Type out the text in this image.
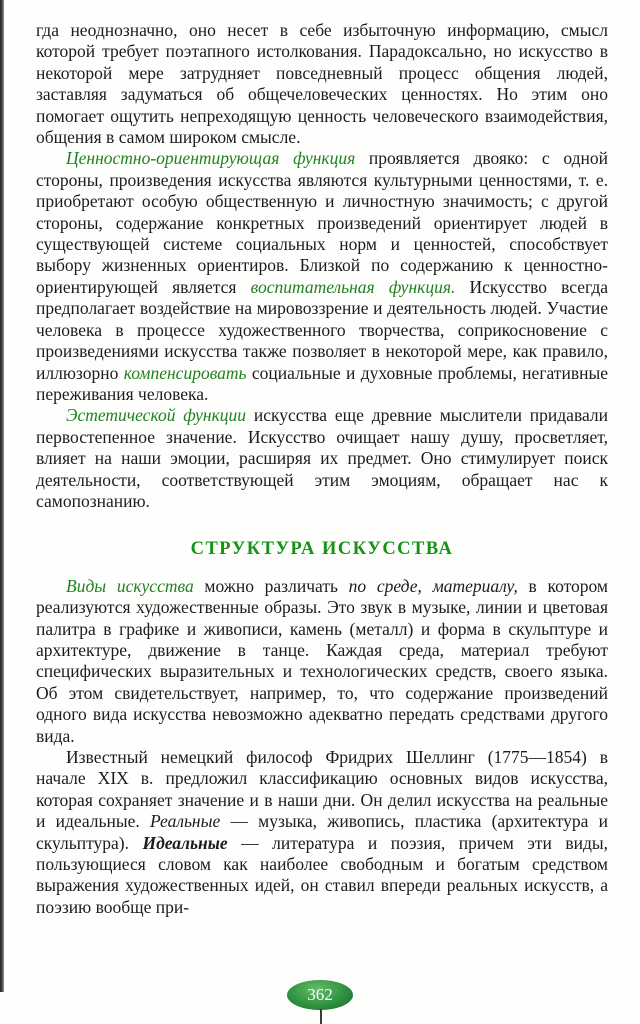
гда неоднозначно, оно несет в себе избыточную информацию, смысл которой требует поэтапного истолкования. Парадоксально, но искусство в некоторой мере затрудняет повседневный процесс общения людей, заставляя задуматься об общечеловеческих ценностях. Но этим оно помогает ощутить непреходящую ценность человеческого взаимодействия, общения в самом широком смысле.

Ценностно-ориентирующая функция проявляется двояко: с одной стороны, произведения искусства являются культурными ценностями, т. е. приобретают особую общественную и личностную значимость; с другой стороны, содержание конкретных произведений ориентирует людей в существующей системе социальных норм и ценностей, способствует выбору жизненных ориентиров. Близкой по содержанию к ценностно-ориентирующей является воспитательная функция. Искусство всегда предполагает воздействие на мировоззрение и деятельность людей. Участие человека в процессе художественного творчества, соприкосновение с произведениями искусства также позволяет в некоторой мере, как правило, иллюзорно компенсировать социальные и духовные проблемы, негативные переживания человека.

Эстетической функции искусства еще древние мыслители придавали первостепенное значение. Искусство очищает нашу душу, просветляет, влияет на наши эмоции, расширяя их предмет. Оно стимулирует поиск деятельности, соответствующей этим эмоциям, обращает нас к самопознанию.

СТРУКТУРА ИСКУССТВА

Виды искусства можно различать по среде, материалу, в котором реализуются художественные образы. Это звук в музыке, линии и цветовая палитра в графике и живописи, камень (металл) и форма в скульптуре и архитектуре, движение в танце. Каждая среда, материал требуют специфических выразительных и технологических средств, своего языка. Об этом свидетельствует, например, то, что содержание произведений одного вида искусства невозможно адекватно передать средствами другого вида.

Известный немецкий философ Фридрих Шеллинг (1775—1854) в начале XIX в. предложил классификацию основных видов искусства, которая сохраняет значение и в наши дни. Он делил искусства на реальные и идеальные. Реальные — музыка, живопись, пластика (архитектура и скульптура). Идеальные — литература и поэзия, причем эти виды, пользующиеся словом как наиболее свободным и богатым средством выражения художественных идей, он ставил впереди реальных искусств, а поэзию вообще при-

362
